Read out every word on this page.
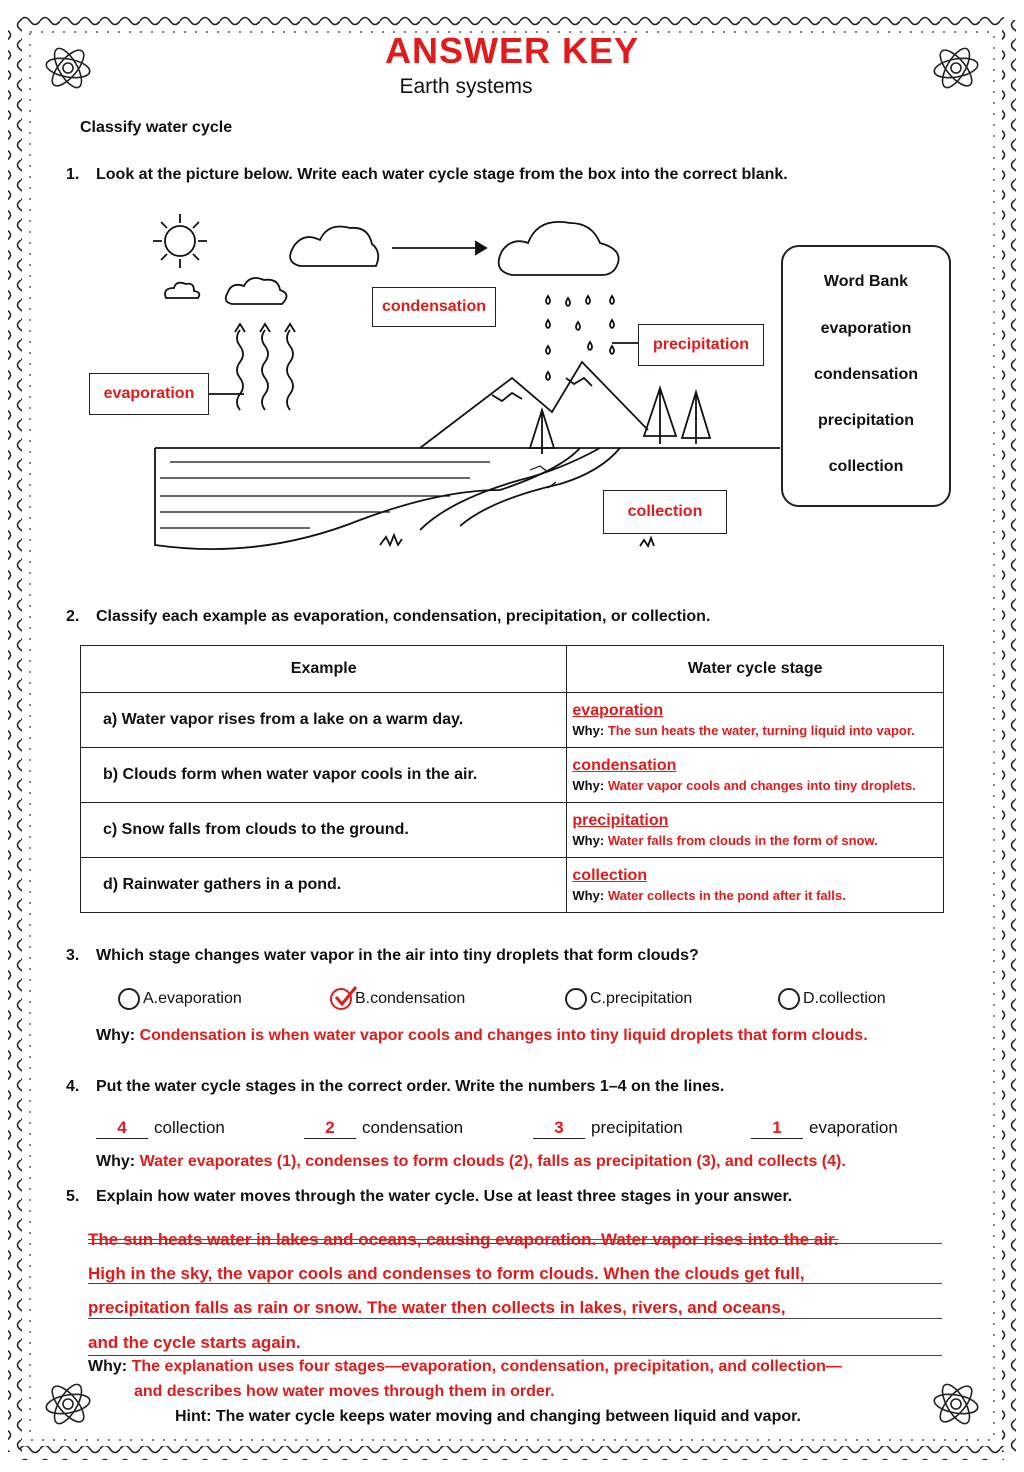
ANSWER KEY
Earth systems
Classify water cycle
1. Look at the picture below. Write each water cycle stage from the box into the correct blank.
condensation
precipitation
evaporation
collection
Word Bank
evaporation
condensation
precipitation
collection
2. Classify each example as evaporation, condensation, precipitation, or collection.
Example	Water cycle stage
a) Water vapor rises from a lake on a warm day.	evaporation
Why: The sun heats the water, turning liquid into vapor.

b) Clouds form when water vapor cools in the air.	condensation
Why: Water vapor cools and changes into tiny droplets.

c) Snow falls from clouds to the ground.	precipitation
Why: Water falls from clouds in the form of snow.

d) Rainwater gathers in a pond.	collection
Why: Water collects in the pond after it falls.
3. Which stage changes water vapor in the air into tiny droplets that form clouds?
A. evaporation	B. condensation	C. precipitation	D. collection
Why: Condensation is when water vapor cools and changes into tiny liquid droplets that form clouds.
4. Put the water cycle stages in the correct order. Write the numbers 1–4 on the lines.
4 collection	2 condensation	3 precipitation	1 evaporation
Why: Water evaporates (1), condenses to form clouds (2), falls as precipitation (3), and collects (4).
5. Explain how water moves through the water cycle. Use at least three stages in your answer.
The sun heats water in lakes and oceans, causing evaporation. Water vapor rises into the air.
High in the sky, the vapor cools and condenses to form clouds. When the clouds get full,
precipitation falls as rain or snow. The water then collects in lakes, rivers, and oceans,
and the cycle starts again.
Why: The explanation uses four stages—evaporation, condensation, precipitation, and collection—
and describes how water moves through them in order.
Hint: The water cycle keeps water moving and changing between liquid and vapor.
